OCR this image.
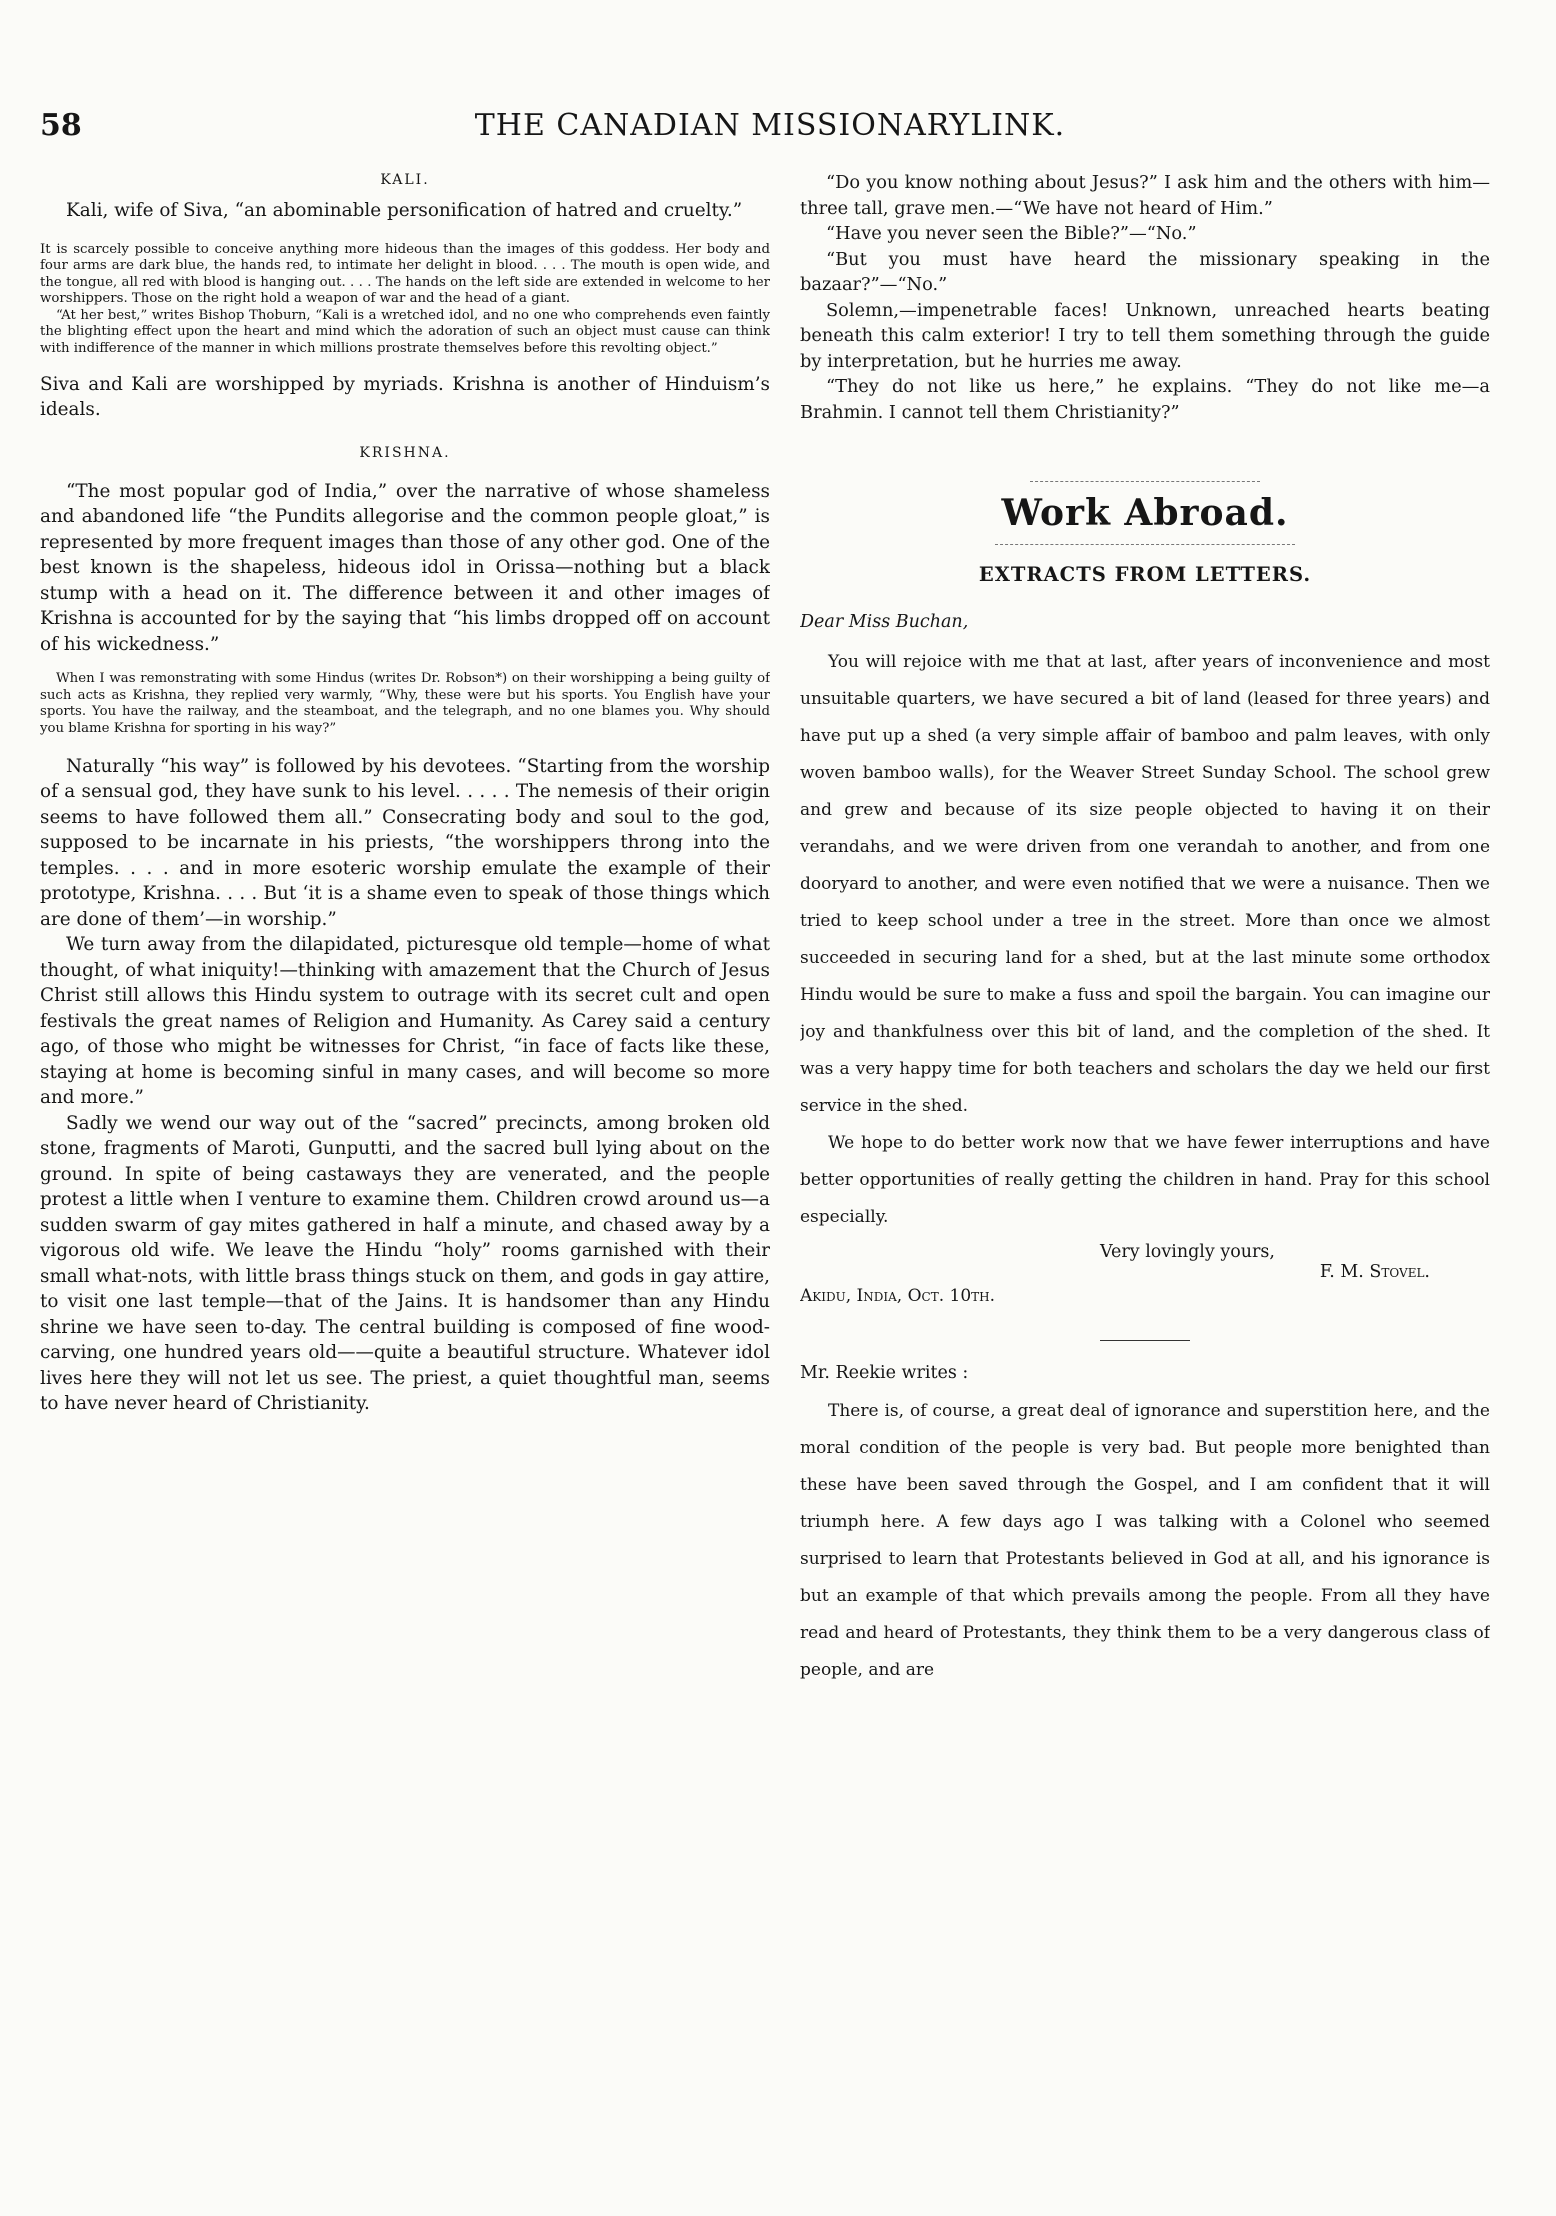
58	THE CANADIAN MISSIONARYLINK.

KALI.

Kali, wife of Siva, “an abominable personification of hatred and cruelty.”

It is scarcely possible to conceive anything more hideous than the images of this goddess. Her body and four arms are dark blue, the hands red, to intimate her delight in blood. . . . The mouth is open wide, and the tongue, all red with blood is hanging out. . . . The hands on the left side are extended in welcome to her worshippers. Those on the right hold a weapon of war and the head of a giant.

“At her best,” writes Bishop Thoburn, “Kali is a wretched idol, and no one who comprehends even faintly the blighting effect upon the heart and mind which the adoration of such an object must cause can think with indifference of the manner in which millions prostrate themselves before this revolting object.”

Siva and Kali are worshipped by myriads. Krishna is another of Hinduism’s ideals.

KRISHNA.

“The most popular god of India,” over the narrative of whose shameless and abandoned life “the Pundits allegorise and the common people gloat,” is represented by more frequent images than those of any other god. One of the best known is the shapeless, hideous idol in Orissa—nothing but a black stump with a head on it. The difference between it and other images of Krishna is accounted for by the saying that “his limbs dropped off on account of his wickedness.”

When I was remonstrating with some Hindus (writes Dr. Robson*) on their worshipping a being guilty of such acts as Krishna, they replied very warmly, “Why, these were but his sports. You English have your sports. You have the railway, and the steamboat, and the telegraph, and no one blames you. Why should you blame Krishna for sporting in his way?”

Naturally “his way” is followed by his devotees. “Starting from the worship of a sensual god, they have sunk to his level. . . . . The nemesis of their origin seems to have followed them all.” Consecrating body and soul to the god, supposed to be incarnate in his priests, “the worshippers throng into the temples. . . . and in more esoteric worship emulate the example of their prototype, Krishna. . . . But ‘it is a shame even to speak of those things which are done of them’—in worship.”

We turn away from the dilapidated, picturesque old temple—home of what thought, of what iniquity!—thinking with amazement that the Church of Jesus Christ still allows this Hindu system to outrage with its secret cult and open festivals the great names of Religion and Humanity. As Carey said a century ago, of those who might be witnesses for Christ, “in face of facts like these, staying at home is becoming sinful in many cases, and will become so more and more.”

Sadly we wend our way out of the “sacred” precincts, among broken old stone, fragments of Maroti, Gunputti, and the sacred bull lying about on the ground. In spite of being castaways they are venerated, and the people protest a little when I venture to examine them. Children crowd around us—a sudden swarm of gay mites gathered in half a minute, and chased away by a vigorous old wife. We leave the Hindu “holy” rooms garnished with their small what-nots, with little brass things stuck on them, and gods in gay attire, to visit one last temple—that of the Jains. It is handsomer than any Hindu shrine we have seen to-day. The central building is composed of fine wood-carving, one hundred years old——quite a beautiful structure. Whatever idol lives here they will not let us see. The priest, a quiet thoughtful man, seems to have never heard of Christianity.

“Do you know nothing about Jesus?” I ask him and the others with him—three tall, grave men.—“We have not heard of Him.”

“Have you never seen the Bible?”—“No.”

“But you must have heard the missionary speaking in the bazaar?”—“No.”

Solemn,—impenetrable faces! Unknown, unreached hearts beating beneath this calm exterior! I try to tell them something through the guide by interpretation, but he hurries me away.

“They do not like us here,” he explains. “They do not like me—a Brahmin. I cannot tell them Christianity?”

Work Abroad.

EXTRACTS FROM LETTERS.

Dear Miss Buchan,

You will rejoice with me that at last, after years of inconvenience and most unsuitable quarters, we have secured a bit of land (leased for three years) and have put up a shed (a very simple affair of bamboo and palm leaves, with only woven bamboo walls), for the Weaver Street Sunday School. The school grew and grew and because of its size people objected to having it on their verandahs, and we were driven from one verandah to another, and from one dooryard to another, and were even notified that we were a nuisance. Then we tried to keep school under a tree in the street. More than once we almost succeeded in securing land for a shed, but at the last minute some orthodox Hindu would be sure to make a fuss and spoil the bargain. You can imagine our joy and thankfulness over this bit of land, and the completion of the shed. It was a very happy time for both teachers and scholars the day we held our first service in the shed.

We hope to do better work now that we have fewer interruptions and have better opportunities of really getting the children in hand. Pray for this school especially.

Very lovingly yours,

F. M. Stovel.

Akidu, India, Oct. 10th.

Mr. Reekie writes :

There is, of course, a great deal of ignorance and superstition here, and the moral condition of the people is very bad. But people more benighted than these have been saved through the Gospel, and I am confident that it will triumph here. A few days ago I was talking with a Colonel who seemed surprised to learn that Protestants believed in God at all, and his ignorance is but an example of that which prevails among the people. From all they have read and heard of Protestants, they think them to be a very dangerous class of people, and are
